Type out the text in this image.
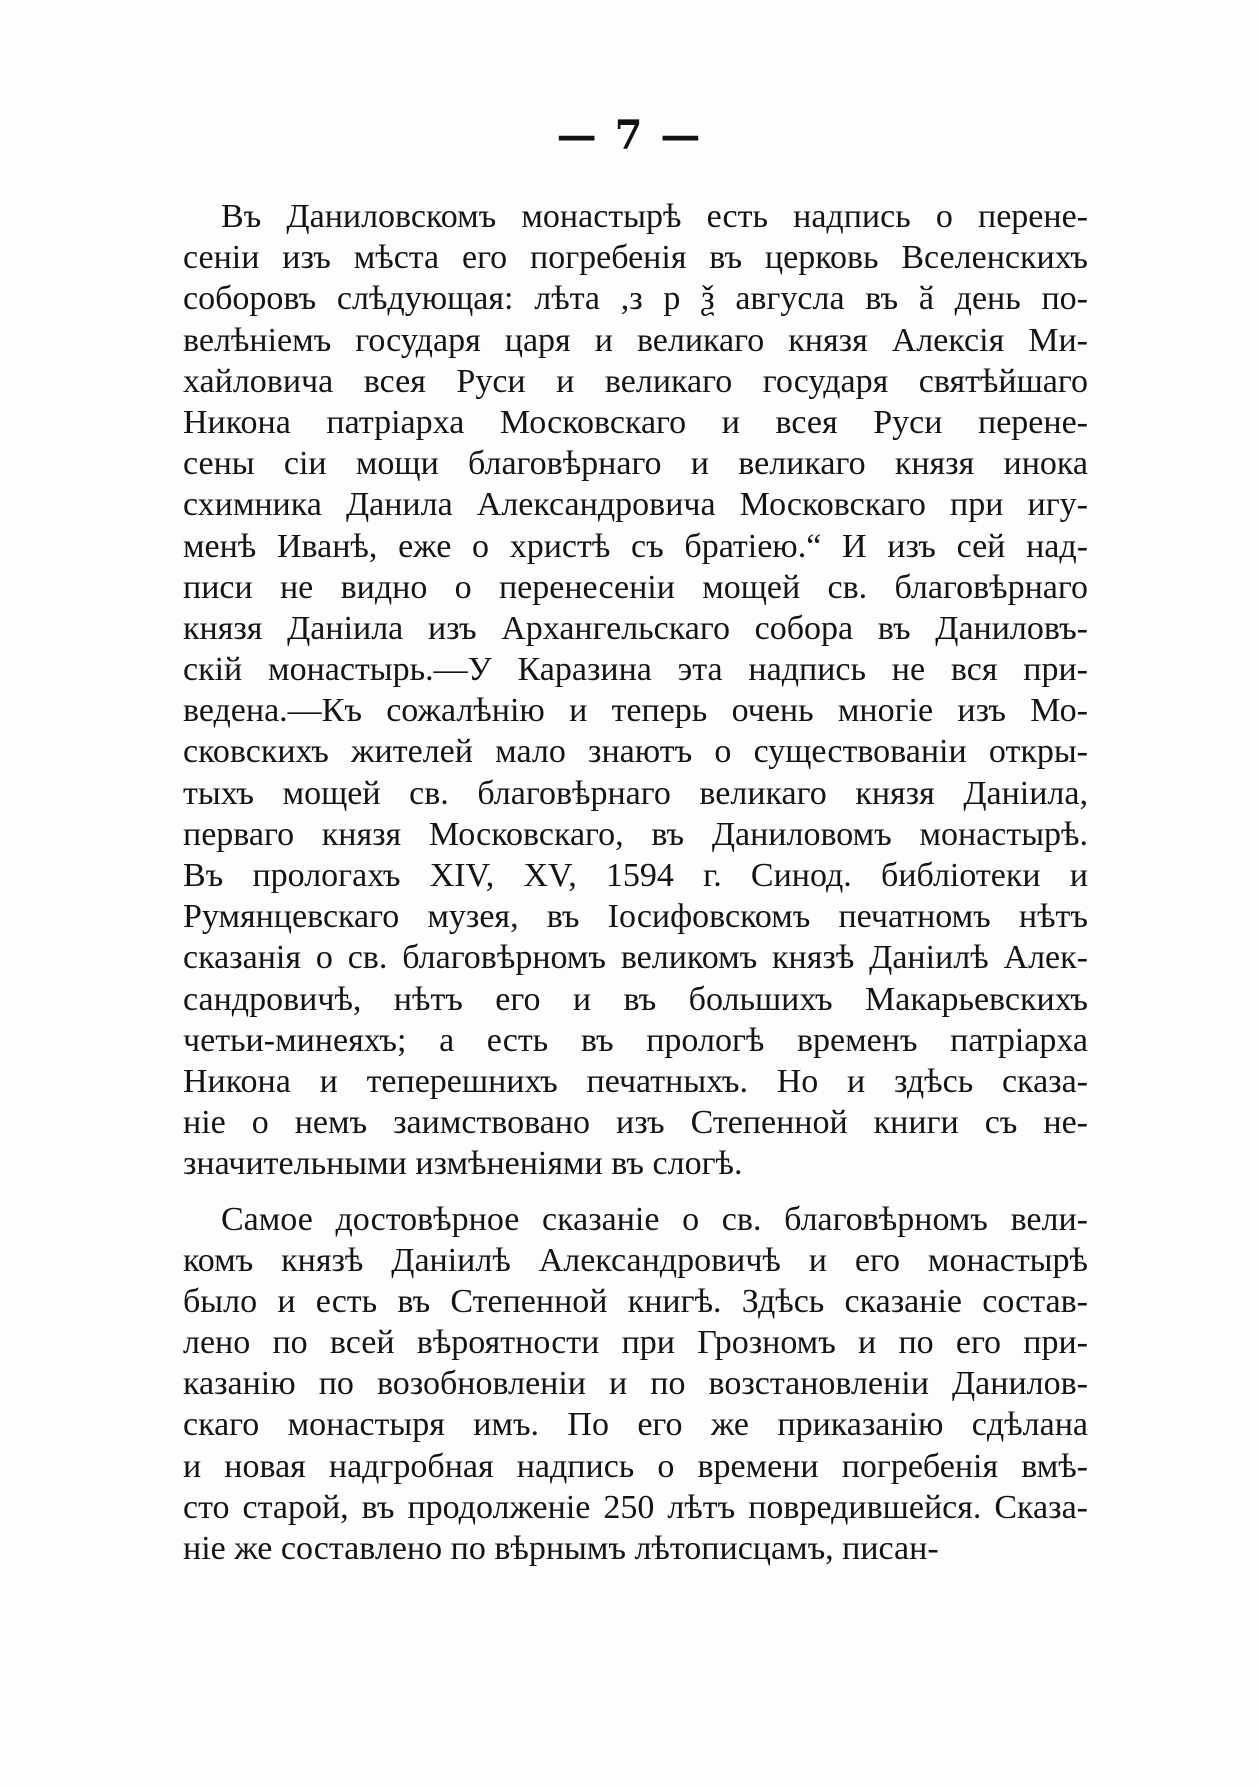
— 7 —

Въ Даниловскомъ монастырѣ есть надпись о перене-
сеніи изъ мѣста его погребенія въ церковь Вселенскихъ
соборовъ слѣдующая: лѣта ,з р ѯ авгусла въ ӑ день по-
велѣніемъ государя царя и великаго князя Алексія Ми-
хайловича всея Руси и великаго государя святѣйшаго
Никона патріарха Московскаго и всея Руси перене-
сены сіи мощи благовѣрнаго и великаго князя инока
схимника Данила Александровича Московскаго при игу-
менѣ Иванѣ, еже о христѣ съ братіею.“ И изъ сей над-
писи не видно о перенесеніи мощей св. благовѣрнаго
князя Даніила изъ Архангельскаго собора въ Даниловъ-
скій монастырь.—У Каразина эта надпись не вся при-
ведена.—Къ сожалѣнію и теперь очень многіе изъ Мо-
сковскихъ жителей мало знаютъ о существованіи откры-
тыхъ мощей св. благовѣрнаго великаго князя Даніила,
перваго князя Московскаго, въ Даниловомъ монастырѣ.
Въ прологахъ XIV, XV, 1594 г. Синод. библіотеки и
Румянцевскаго музея, въ Іосифовскомъ печатномъ нѣтъ
сказанія о св. благовѣрномъ великомъ князѣ Даніилѣ Алек-
сандровичѣ, нѣтъ его и въ большихъ Макарьевскихъ
четьи-минеяхъ; а есть въ прологѣ временъ патріарха
Никона и теперешнихъ печатныхъ. Но и здѣсь сказа-
ніе о немъ заимствовано изъ Степенной книги съ не-
значительными измѣненіями въ слогѣ.

Самое достовѣрное сказаніе о св. благовѣрномъ вели-
комъ князѣ Даніилѣ Александровичѣ и его монастырѣ
было и есть въ Степенной книгѣ. Здѣсь сказаніе состав-
лено по всей вѣроятности при Грозномъ и по его при-
казанію по возобновленіи и по возстановленіи Данилов-
скаго монастыря имъ. По его же приказанію сдѣлана
и новая надгробная надпись о времени погребенія вмѣ-
сто старой, въ продолженіе 250 лѣтъ повредившейся. Сказа-
ніе же составлено по вѣрнымъ лѣтописцамъ, писан-
